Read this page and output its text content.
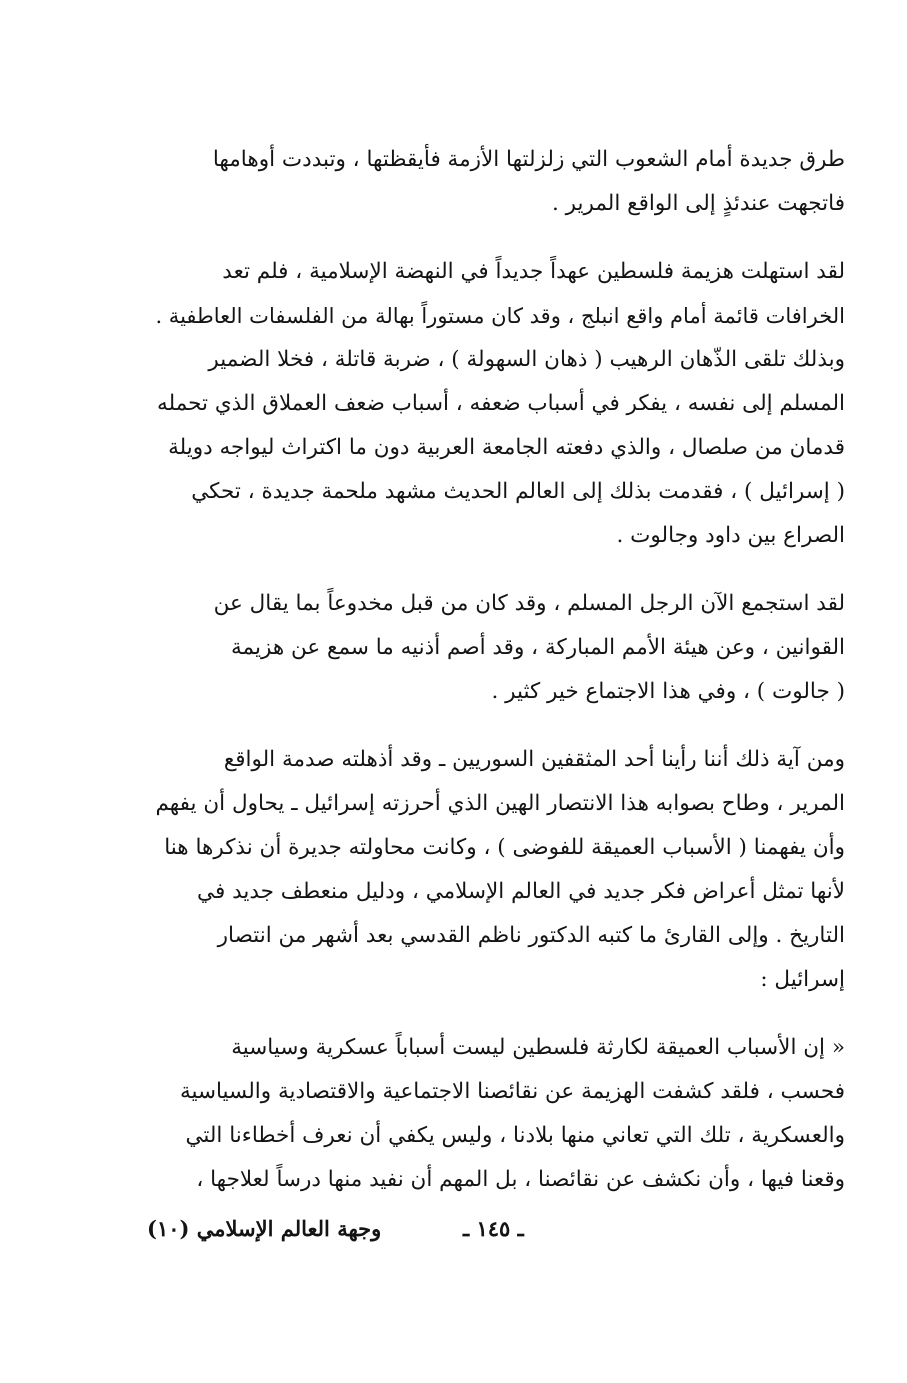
طرق جديدة أمام الشعوب التي زلزلتها الأزمة فأيقظتها ، وتبددت أوهامها
فاتجهت عندئذٍ إلى الواقع المرير .

لقد استهلت هزيمة فلسطين عهداً جديداً في النهضة الإسلامية ، فلم تعد
الخرافات قائمة أمام واقع انبلج ، وقد كان مستوراً بهالة من الفلسفات العاطفية .
وبذلك تلقى الذّهان الرهيب ( ذهان السهولة ) ، ضربة قاتلة ، فخلا الضمير
المسلم إلى نفسه ، يفكر في أسباب ضعفه ، أسباب ضعف العملاق الذي تحمله
قدمان من صلصال ، والذي دفعته الجامعة العربية دون ما اكتراث ليواجه دويلة
( إسرائيل ) ، فقدمت بذلك إلى العالم الحديث مشهد ملحمة جديدة ، تحكي
الصراع بين داود وجالوت .

لقد استجمع الآن الرجل المسلم ، وقد كان من قبل مخدوعاً بما يقال عن
القوانين ، وعن هيئة الأمم المباركة ، وقد أصم أذنيه ما سمع عن هزيمة
( جالوت ) ، وفي هذا الاجتماع خير كثير .

ومن آية ذلك أننا رأينا أحد المثقفين السوريين ـ وقد أذهلته صدمة الواقع
المرير ، وطاح بصوابه هذا الانتصار الهين الذي أحرزته إسرائيل ـ يحاول أن يفهم
وأن يفهمنا ( الأسباب العميقة للفوضى ) ، وكانت محاولته جديرة أن نذكرها هنا
لأنها تمثل أعراض فكر جديد في العالم الإسلامي ، ودليل منعطف جديد في
التاريخ . وإلى القارئ ما كتبه الدكتور ناظم القدسي بعد أشهر من انتصار
إسرائيل :

« إن الأسباب العميقة لكارثة فلسطين ليست أسباباً عسكرية وسياسية
فحسب ، فلقد كشفت الهزيمة عن نقائصنا الاجتماعية والاقتصادية والسياسية
والعسكرية ، تلك التي تعاني منها بلادنا ، وليس يكفي أن نعرف أخطاءنا التي
وقعنا فيها ، وأن نكشف عن نقائصنا ، بل المهم أن نفيد منها درساً لعلاجها ،

ـ ١٤٥ ـ
وجهة العالم الإسلامي (١٠)
